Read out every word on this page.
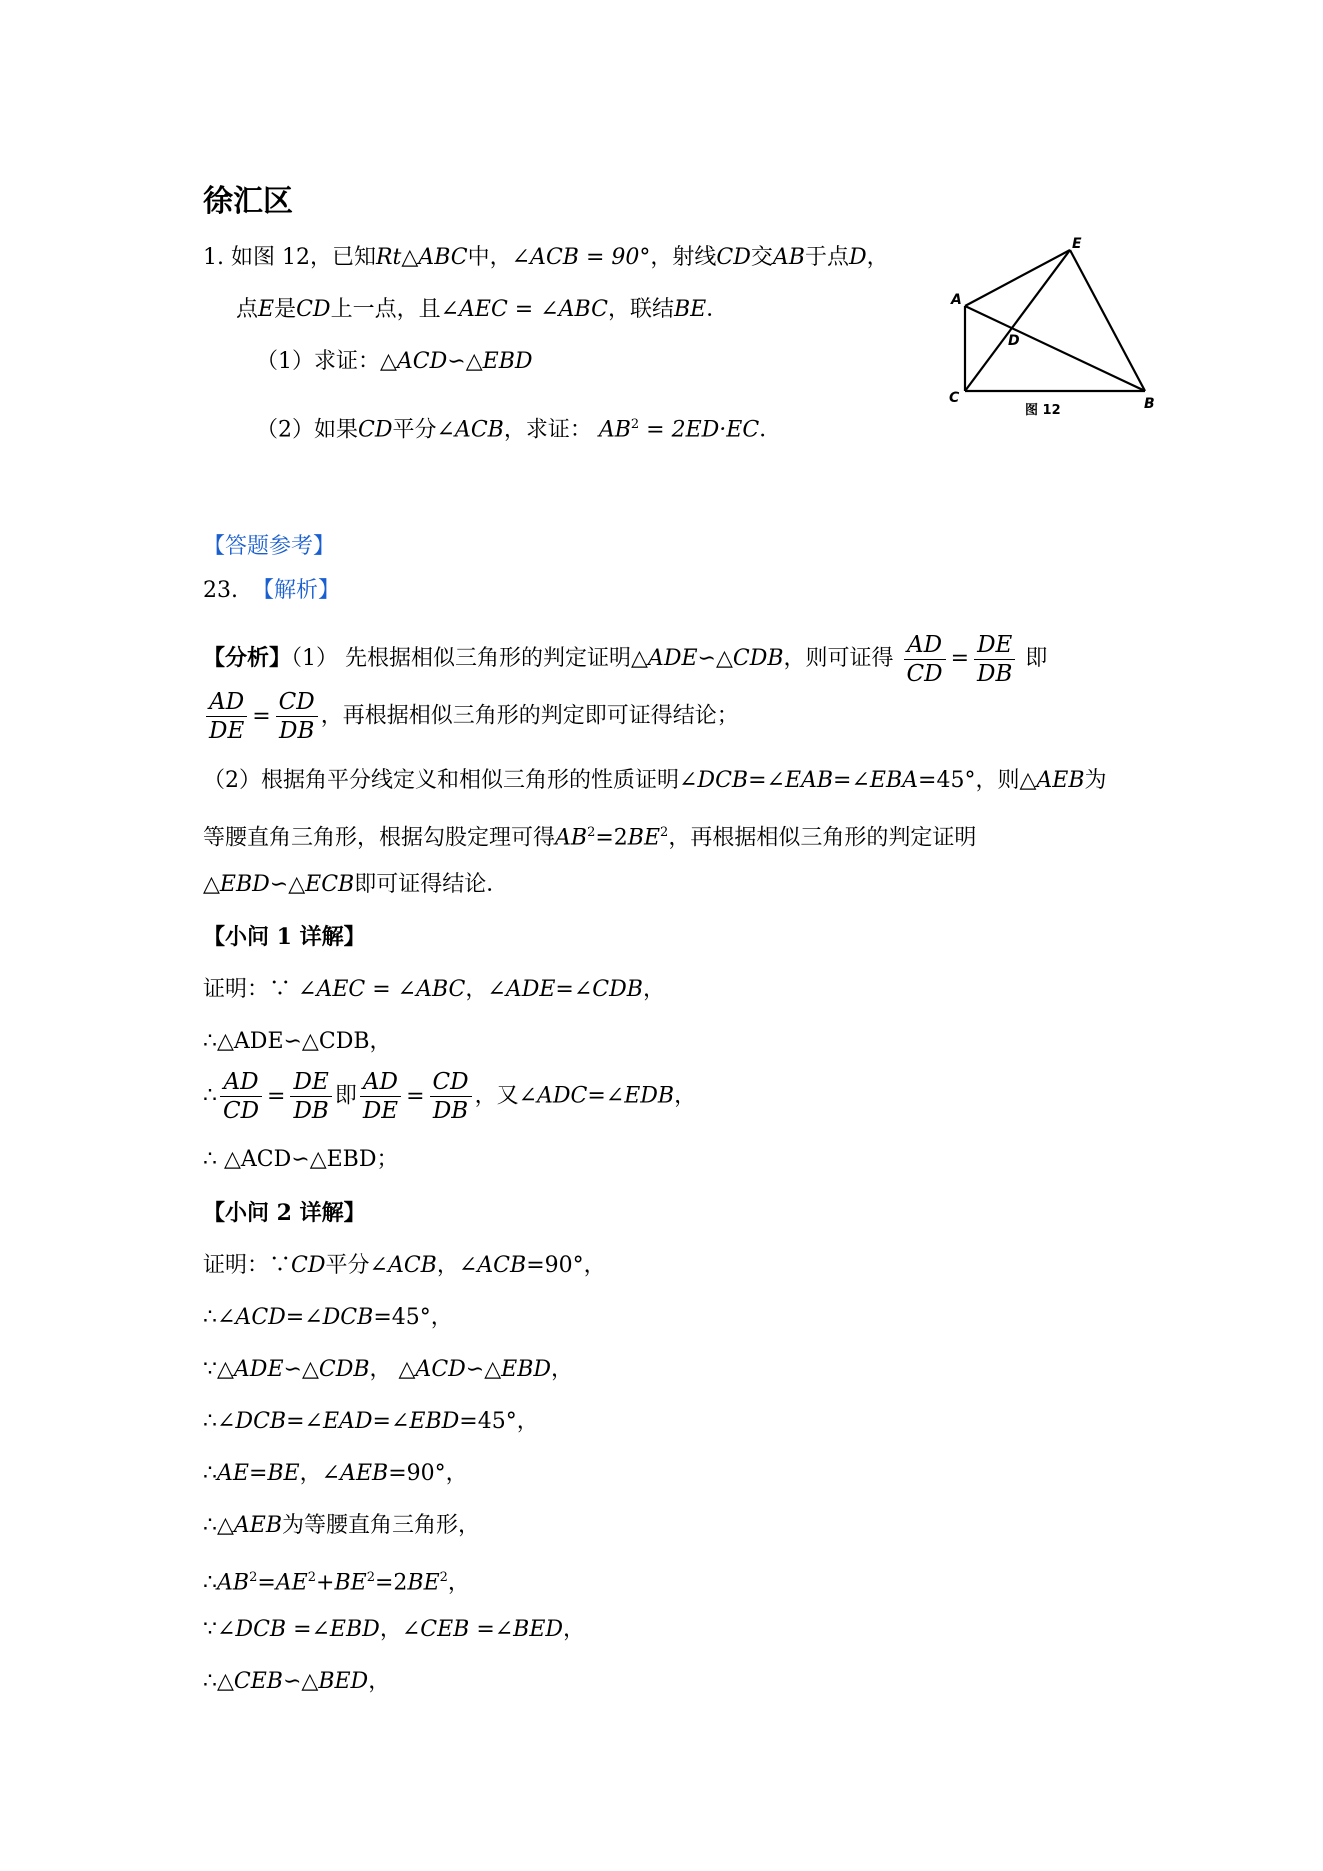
徐汇区
1. 如图 12，已知Rt△ABC中，∠ACB = 90°，射线CD交AB于点D，
点E是CD上一点，且∠AEC = ∠ABC，联结BE．
（1）求证：△ACD∽△EBD
（2）如果CD平分∠ACB，求证： $AB^2 = 2ED\cdot EC$．
A
B
C
D
E
图 12
【答题参考】
23. 【解析】
【分析】（1） 先根据相似三角形的判定证明△ADE∽△CDB，则可证得 $\frac{AD}{CD} = \frac{DE}{DB}$ 即
$\frac{AD}{DE} = \frac{CD}{DB}$ ，再根据相似三角形的判定即可证得结论；
（2）根据角平分线定义和相似三角形的性质证明∠DCB=∠EAB=∠EBA=45°，则△AEB为
等腰直角三角形，根据勾股定理可得$AB^2=2BE^2$，再根据相似三角形的判定证明
△EBD∽△ECB即可证得结论．
【小问 1 详解】
证明：∵ ∠AEC = ∠ABC，∠ADE=∠CDB，
∴△ADE∽△CDB，
∴ $\frac{AD}{CD} = \frac{DE}{DB}$ 即 $\frac{AD}{DE} = \frac{CD}{DB}$ ，又∠ADC=∠EDB，
∴ △ACD∽△EBD；
【小问 2 详解】
证明：∵CD平分∠ACB，∠ACB=90°，
∴∠ACD=∠DCB=45°，
∵△ADE∽△CDB， △ACD∽△EBD，
∴∠DCB=∠EAD=∠EBD=45°，
∴AE=BE，∠AEB=90°，
∴△AEB为等腰直角三角形，
$\therefore AB^2=AE^2+BE^2=2BE^2$，
∵∠DCB =∠EBD，∠CEB =∠BED，
∴△CEB∽△BED，
